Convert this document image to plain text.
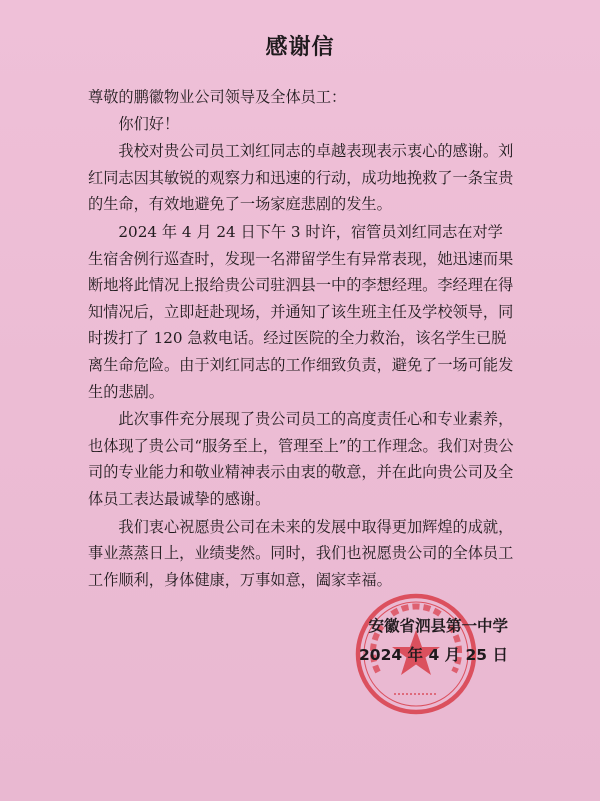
感谢信

尊敬的鹏徽物业公司领导及全体员工：

你们好！

我校对贵公司员工刘红同志的卓越表现表示衷心的感谢。刘红同志因其敏锐的观察力和迅速的行动，成功地挽救了一条宝贵的生命，有效地避免了一场家庭悲剧的发生。

2024 年 4 月 24 日下午 3 时许，宿管员刘红同志在对学生宿舍例行巡查时，发现一名滞留学生有异常表现，她迅速而果断地将此情况上报给贵公司驻泗县一中的李想经理。李经理在得知情况后，立即赶赴现场，并通知了该生班主任及学校领导，同时拨打了 120 急救电话。经过医院的全力救治，该名学生已脱离生命危险。由于刘红同志的工作细致负责，避免了一场可能发生的悲剧。

此次事件充分展现了贵公司员工的高度责任心和专业素养，也体现了贵公司“服务至上，管理至上”的工作理念。我们对贵公司的专业能力和敬业精神表示由衷的敬意，并在此向贵公司及全体员工表达最诚挚的感谢。

我们衷心祝愿贵公司在未来的发展中取得更加辉煌的成就，事业蒸蒸日上，业绩斐然。同时，我们也祝愿贵公司的全体员工工作顺利，身体健康，万事如意，阖家幸福。

安徽省泗县第一中学
2024 年 4 月 25 日
